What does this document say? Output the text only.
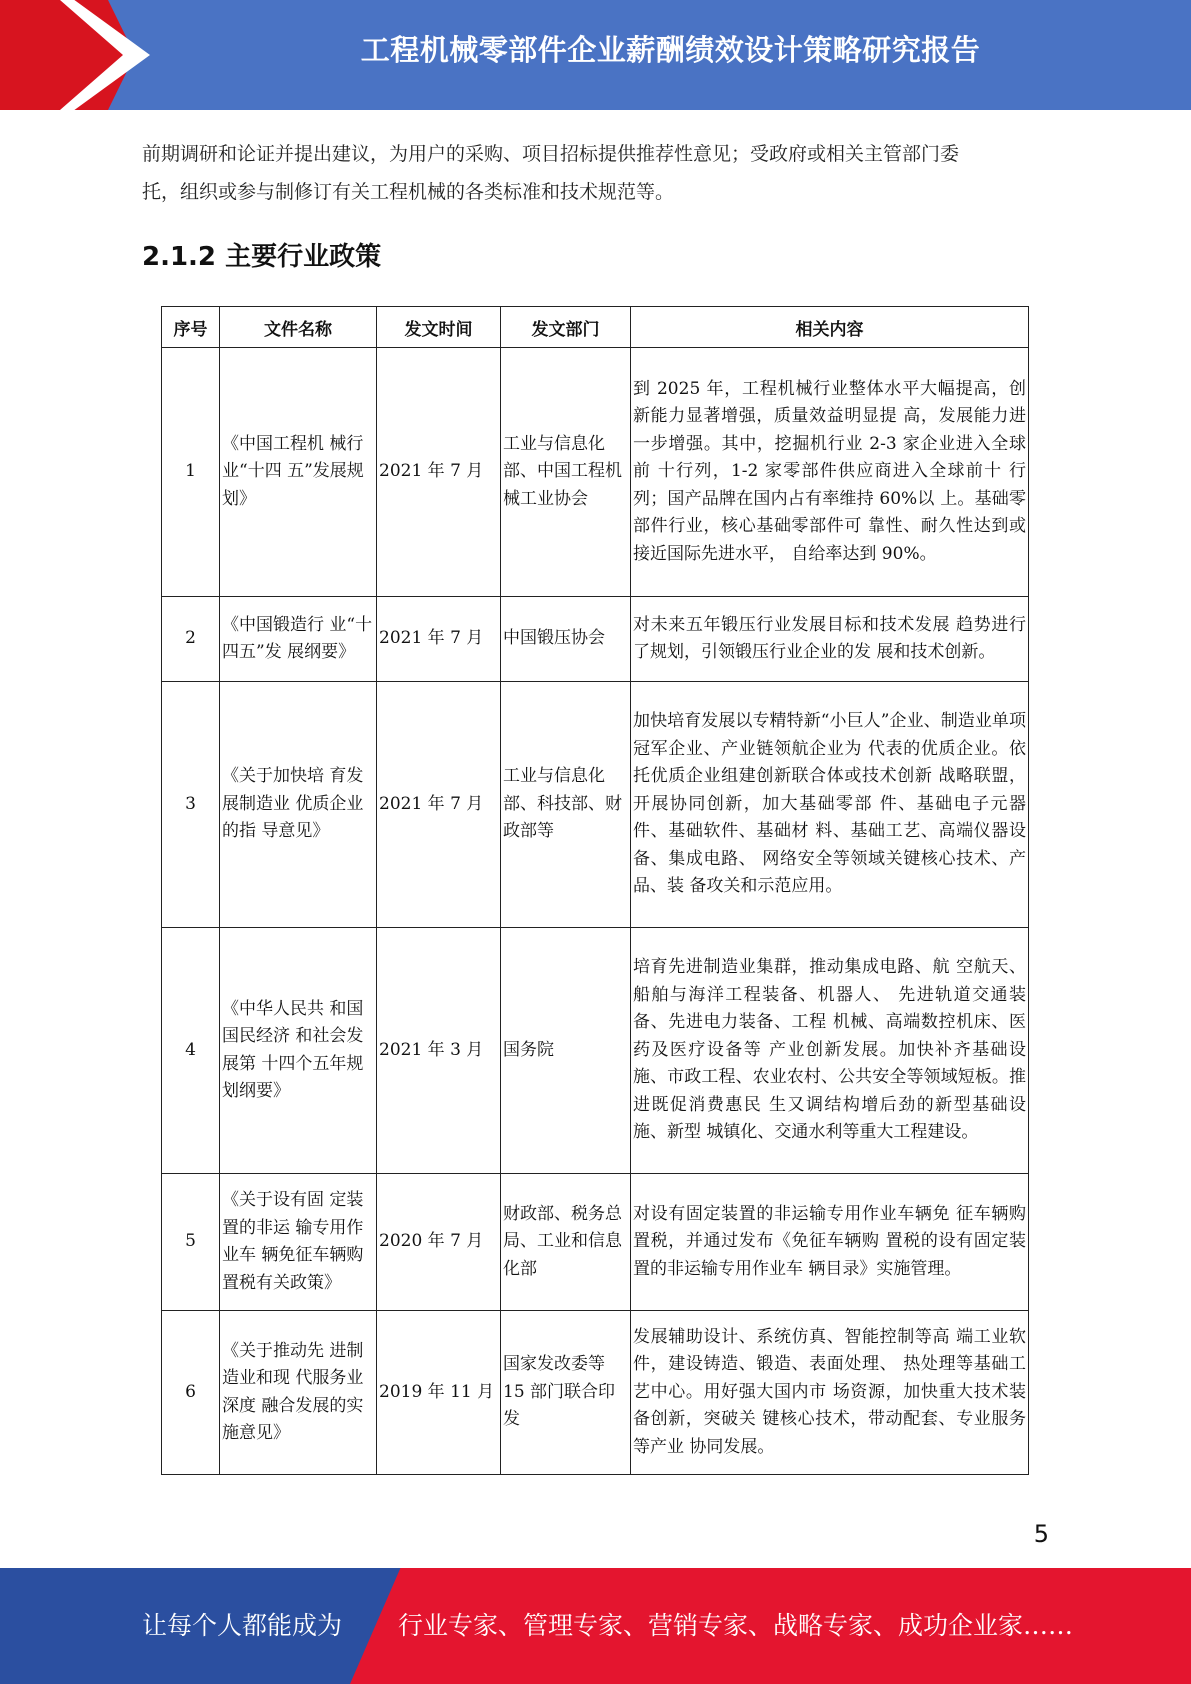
工程机械零部件企业薪酬绩效设计策略研究报告

前期调研和论证并提出建议，为用户的采购、项目招标提供推荐性意见；受政府或相关主管部门委

托，组织或参与制修订有关工程机械的各类标准和技术规范等。

2.1.2 主要行业政策
序号	文件名称	发文时间	发文部门	相关内容
1	《中国工程机 械行业“十四 五”发展规划》	2021 年 7 月	工业与信息化部、中国工程机械工业协会	到 2025 年，工程机械行业整体水平大幅提高，创新能力显著增强，质量效益明显提 高，发展能力进一步增强。其中，挖掘机行业 2-3 家企业进入全球前 十行列，1-2 家零部件供应商进入全球前十 行列；国产品牌在国内占有率维持 60%以 上。基础零部件行业，核心基础零部件可 靠性、耐久性达到或接近国际先进水平， 自给率达到 90%。
2	《中国锻造行 业“十四五”发 展纲要》	2021 年 7 月	中国锻压协会	对未来五年锻压行业发展目标和技术发展 趋势进行了规划，引领锻压行业企业的发 展和技术创新。
3	《关于加快培 育发展制造业 优质企业的指 导意见》	2021 年 7 月	工业与信息化部、科技部、财政部等	加快培育发展以专精特新“小巨人”企业、制造业单项冠军企业、产业链领航企业为 代表的优质企业。依托优质企业组建创新联合体或技术创新 战略联盟，开展协同创新，加大基础零部 件、基础电子元器件、基础软件、基础材 料、基础工艺、高端仪器设备、集成电路、 网络安全等领域关键核心技术、产品、装 备攻关和示范应用。
4	《中华人民共 和国国民经济 和社会发展第 十四个五年规 划纲要》	2021 年 3 月	国务院	培育先进制造业集群，推动集成电路、航 空航天、船舶与海洋工程装备、机器人、 先进轨道交通装备、先进电力装备、工程 机械、高端数控机床、医药及医疗设备等 产业创新发展。加快补齐基础设施、市政工程、农业农村、公共安全等领域短板。推进既促消费惠民 生又调结构增后劲的新型基础设施、新型 城镇化、交通水利等重大工程建设。
5	《关于设有固 定装置的非运 输专用作业车 辆免征车辆购 置税有关政策》	2020 年 7 月	财政部、税务总局、工业和信息化部	对设有固定装置的非运输专用作业车辆免 征车辆购置税，并通过发布《免征车辆购 置税的设有固定装置的非运输专用作业车 辆目录》实施管理。
6	《关于推动先 进制造业和现 代服务业深度 融合发展的实 施意见》	2019 年 11 月	国家发改委等 15 部门联合印发	发展辅助设计、系统仿真、智能控制等高 端工业软件，建设铸造、锻造、表面处理、 热处理等基础工艺中心。用好强大国内市 场资源，加快重大技术装备创新，突破关 键核心技术，带动配套、专业服务等产业 协同发展。
5
让每个人都能成为 行业专家、管理专家、营销专家、战略专家、成功企业家……
